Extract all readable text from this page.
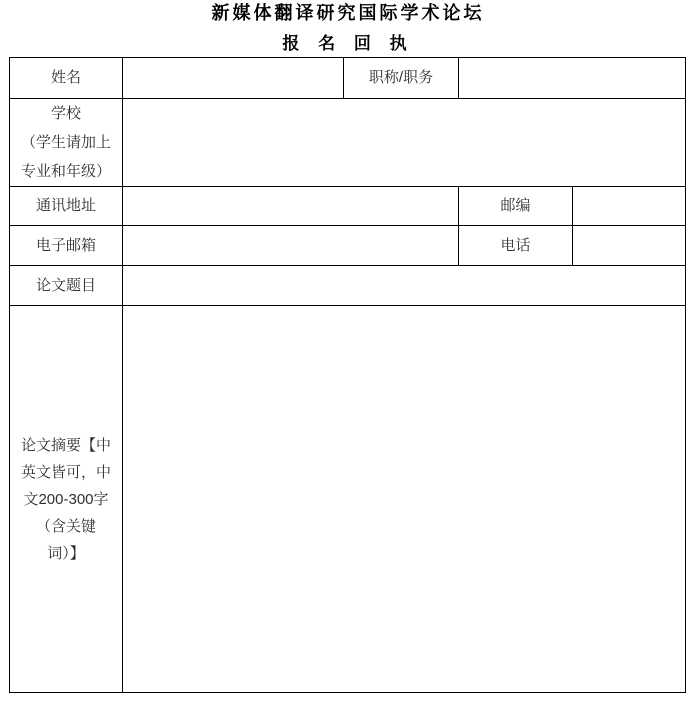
新媒体翻译研究国际学术论坛
报 名 回 执
姓名		职称/职务		

学校
（学生请加上
专业和年级）				

通讯地址			邮编	
电子邮箱			电话	
论文题目				

论文摘要【中
英文皆可，中
文200-300字
（含关键
词）】				
